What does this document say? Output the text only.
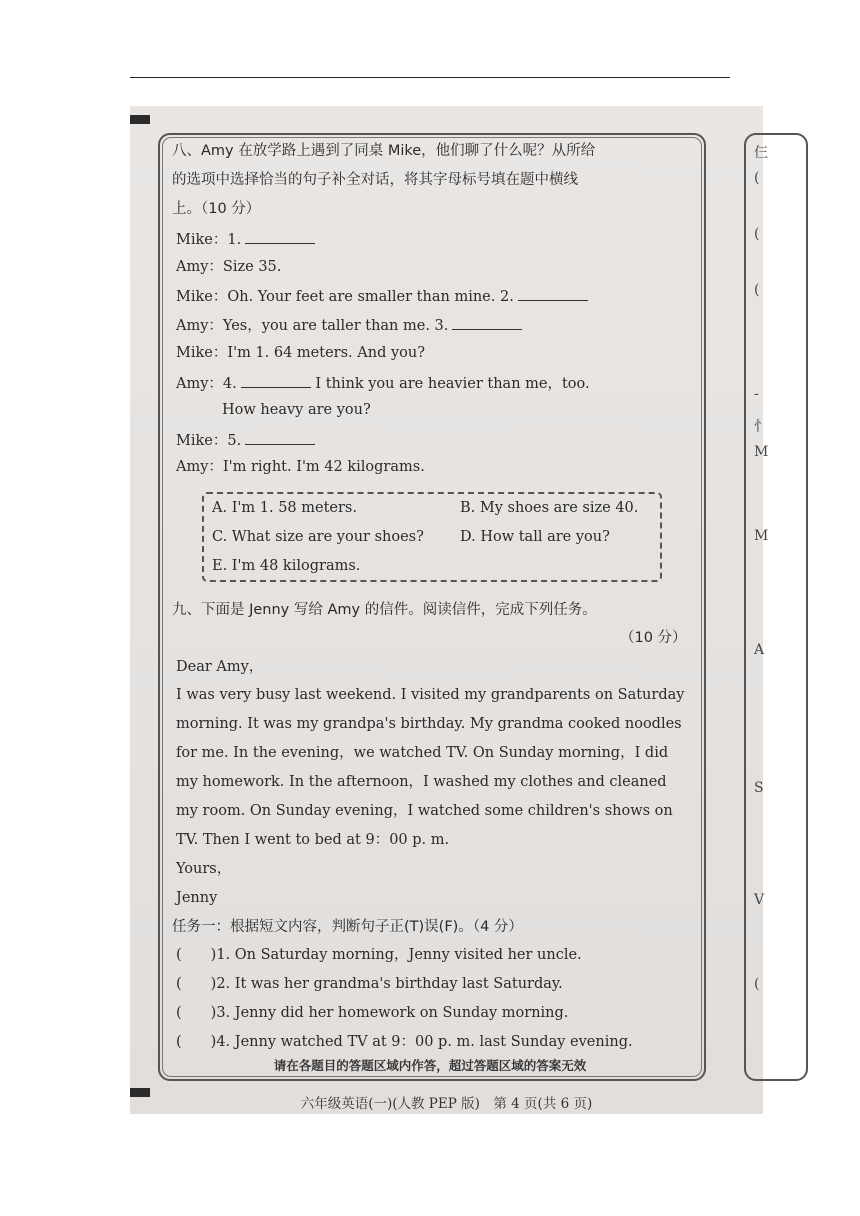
仨
(
(
(
-
忄
M
M
A
S
V
(
八、Amy 在放学路上遇到了同桌 Mike，他们聊了什么呢？从所给
的选项中选择恰当的句子补全对话，将其字母标号填在题中横线
上。（10 分）
Mike：1.
Amy：Size 35.
Mike：Oh. Your feet are smaller than mine. 2.
Amy：Yes，you are taller than me. 3.
Mike：I'm 1. 64 meters. And you?
Amy：4.	I think you are heavier than me，too.
How heavy are you?
Mike：5.
Amy：I'm right. I'm 42 kilograms.
A. I'm 1. 58 meters.	B. My shoes are size 40.
C. What size are your shoes? D. How tall are you?
E. I'm 48 kilograms.
九、下面是 Jenny 写给 Amy 的信件。阅读信件，完成下列任务。
（10 分）
Dear Amy，
I was very busy last weekend. I visited my grandparents on Saturday
morning. It was my grandpa's birthday. My grandma cooked noodles
for me. In the evening，we watched TV. On Sunday morning，I did
my homework. In the afternoon，I washed my clothes and cleaned
my room. On Sunday evening，I watched some children's shows on
TV. Then I went to bed at 9：00 p. m.
Yours，
Jenny
任务一：根据短文内容，判断句子正(T)误(F)。（4 分）
(　　)1. On Saturday morning，Jenny visited her uncle.
(　　)2. It was her grandma's birthday last Saturday.
(　　)3. Jenny did her homework on Sunday morning.
(　　)4. Jenny watched TV at 9：00 p. m. last Sunday evening.
请在各题目的答题区域内作答，超过答题区域的答案无效
六年级英语(一)(人教 PEP 版)　第 4 页(共 6 页)
